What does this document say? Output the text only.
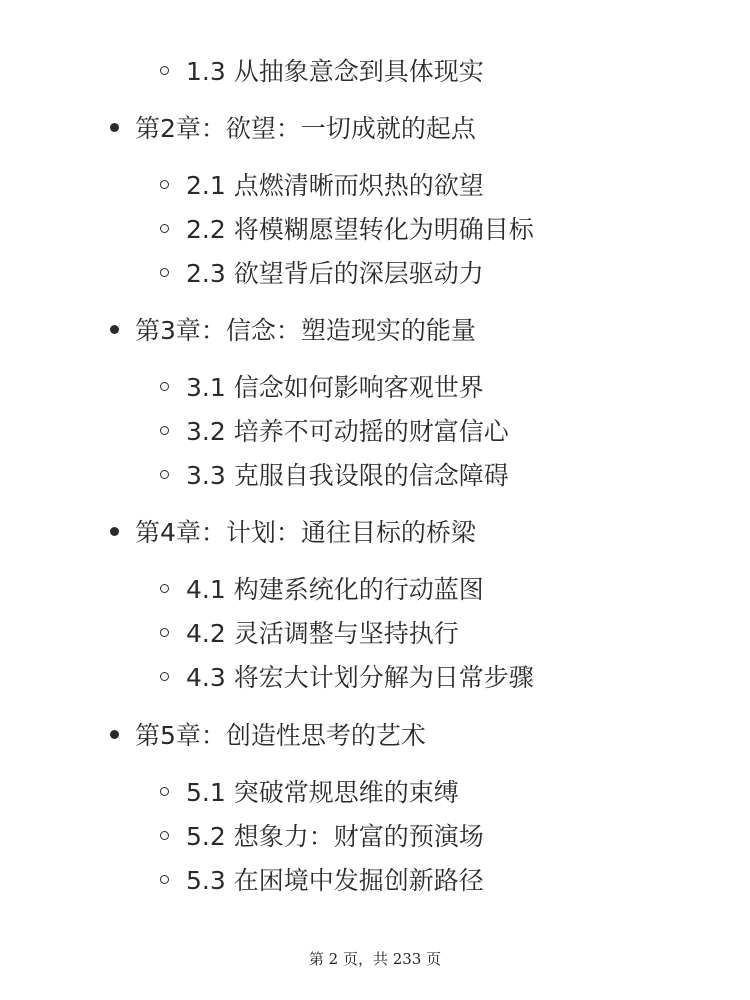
1.3 从抽象意念到具体现实
第2章：欲望：一切成就的起点
2.1 点燃清晰而炽热的欲望
2.2 将模糊愿望转化为明确目标
2.3 欲望背后的深层驱动力
第3章：信念：塑造现实的能量
3.1 信念如何影响客观世界
3.2 培养不可动摇的财富信心
3.3 克服自我设限的信念障碍
第4章：计划：通往目标的桥梁
4.1 构建系统化的行动蓝图
4.2 灵活调整与坚持执行
4.3 将宏大计划分解为日常步骤
第5章：创造性思考的艺术
5.1 突破常规思维的束缚
5.2 想象力：财富的预演场
5.3 在困境中发掘创新路径
第 2 页，共 233 页
